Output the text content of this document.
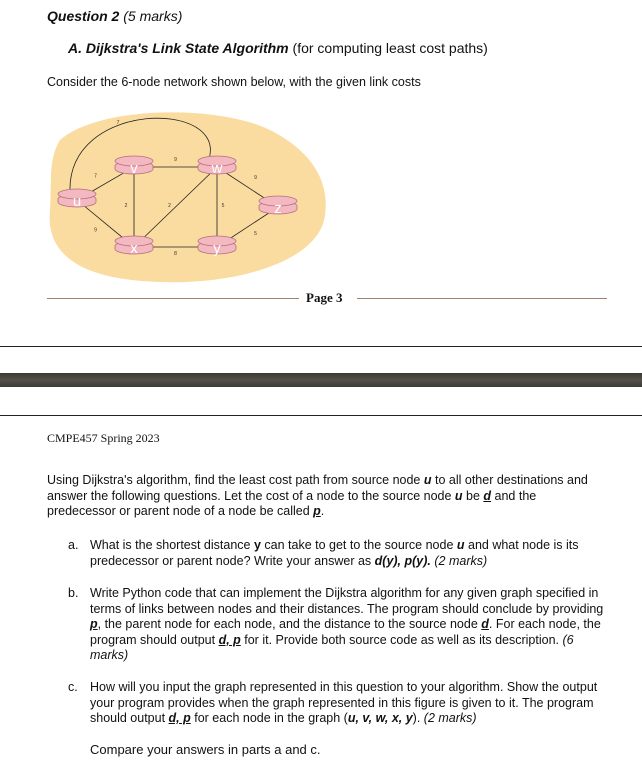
Question 2 (5 marks)
A. Dijkstra's Link State Algorithm (for computing least cost paths)
Consider the 6-node network shown below, with the given link costs
7
7
9
2	2	5
9
9
8
5
u
v	w
x	y
z
Page 3
CMPE457 Spring 2023
Using Dijkstra's algorithm, find the least cost path from source node u to all other destinations and answer the following questions. Let the cost of a node to the source node u be d and the predecessor or parent node of a node be called p.
a. What is the shortest distance y can take to get to the source node u and what node is its predecessor or parent node? Write your answer as d(y), p(y). (2 marks)
b. Write Python code that can implement the Dijkstra algorithm for any given graph specified in terms of links between nodes and their distances. The program should conclude by providing p, the parent node for each node, and the distance to the source node d. For each node, the program should output d, p for it. Provide both source code as well as its description. (6 marks)
c. How will you input the graph represented in this question to your algorithm. Show the output your program provides when the graph represented in this figure is given to it. The program should output d, p for each node in the graph (u, v, w, x, y). (2 marks)
Compare your answers in parts a and c.
